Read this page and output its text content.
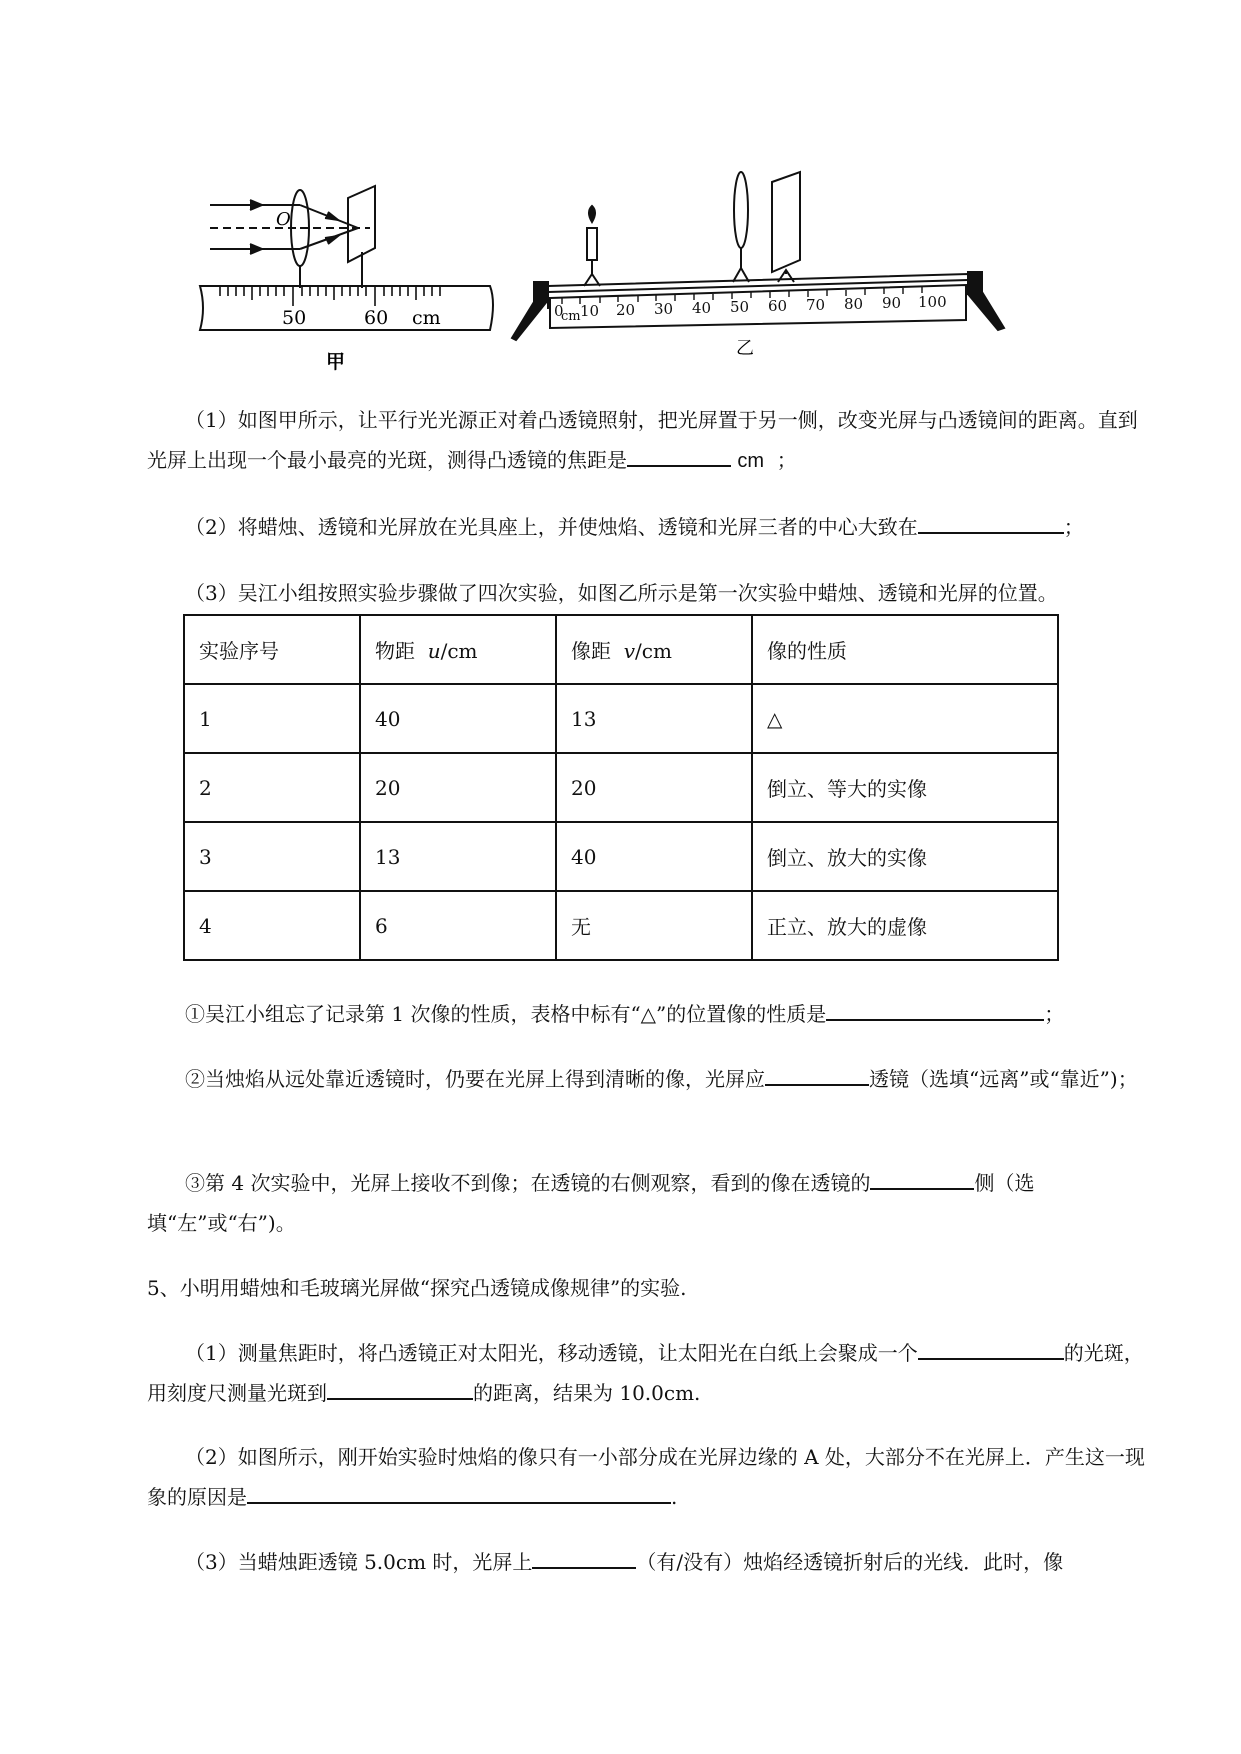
O
50	60 cm
甲
0
cm 10 20 30 40 50 60 70 80 90 100
乙

（1）如图甲所示，让平行光光源正对着凸透镜照射，把光屏置于另一侧，改变光屏与凸透镜间的距离。直到光屏上出现一个最小最亮的光斑，测得凸透镜的焦距是	cm ；

（2）将蜡烛、透镜和光屏放在光具座上，并使烛焰、透镜和光屏三者的中心大致在	；

（3）吴江小组按照实验步骤做了四次实验，如图乙所示是第一次实验中蜡烛、透镜和光屏的位置。

实验序号	物距 u/cm	像距 v/cm	像的性质
1	40	13	△
2	20	20	倒立、等大的实像
3	13	40	倒立、放大的实像
4	6	无	正立、放大的虚像

①吴江小组忘了记录第 1 次像的性质，表格中标有“△”的位置像的性质是	；

②当烛焰从远处靠近透镜时，仍要在光屏上得到清晰的像，光屏应	透镜（选填“远离”或“靠近”)；

③第 4 次实验中，光屏上接收不到像；在透镜的右侧观察，看到的像在透镜的	侧（选填“左”或“右”)。

5、小明用蜡烛和毛玻璃光屏做“探究凸透镜成像规律”的实验.

（1）测量焦距时，将凸透镜正对太阳光，移动透镜，让太阳光在白纸上会聚成一个	的光斑，用刻度尺测量光斑到	的距离，结果为 10.0cm.

（2）如图所示，刚开始实验时烛焰的像只有一小部分成在光屏边缘的 A 处，大部分不在光屏上．产生这一现象的原因是	.

（3）当蜡烛距透镜 5.0cm 时，光屏上	（有/没有）烛焰经透镜折射后的光线．此时，像
